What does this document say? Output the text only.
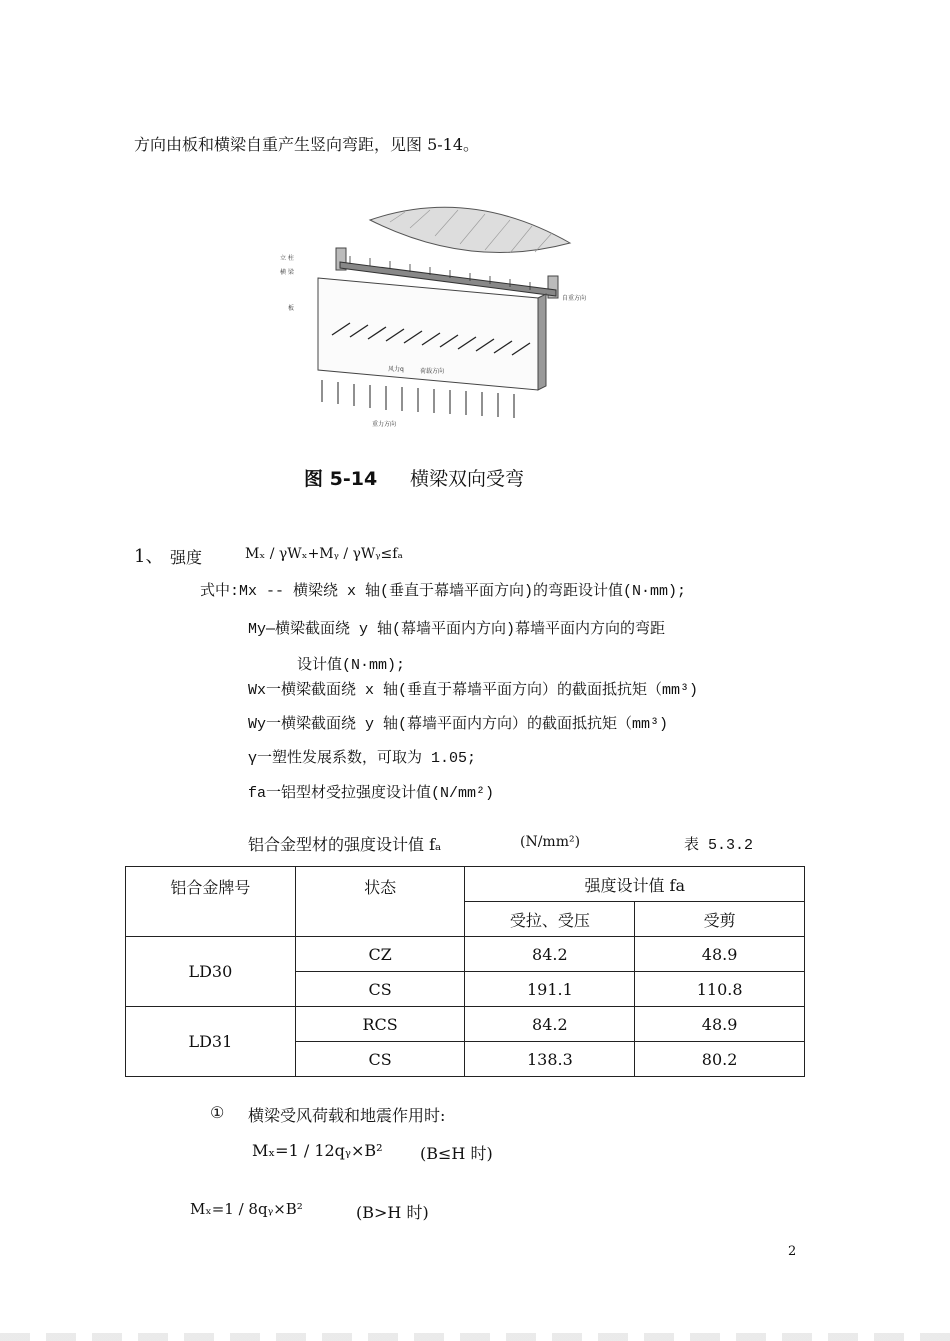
方向由板和横梁自重产生竖向弯距，见图 5-14。
立 柱
横 梁
板
风力q
自重方向
荷载方向
重力方向
图 5-14 横梁双向受弯
1、 强度	Mₓ / γWₓ+Mᵧ / γWᵧ≤fₐ
式中:Mx -- 横梁绕 x 轴(垂直于幕墙平面方向)的弯距设计值(N·mm);
My—横梁截面绕 y 轴(幕墙平面内方向)幕墙平面内方向的弯距
设计值(N·mm);
Wx一横梁截面绕 x 轴(垂直于幕墙平面方向）的截面抵抗矩（mm³)
Wy一横梁截面绕 y 轴(幕墙平面内方向）的截面抵抗矩（mm³)
γ一塑性发展系数，可取为 1.05;
fa一铝型材受拉强度设计值(N/mm²)
铝合金型材的强度设计值 fₐ	(N/mm²)	表 5.3.2
铝合金牌号	状态	强度设计值 fa	
		受拉、受压	受剪
LD30	CZ	84.2	48.9
	CS	191.1	110.8
LD31	RCS	84.2	48.9
	CS	138.3	80.2
① 横梁受风荷载和地震作用时:
Mₓ=1 / 12qᵧ×B² (B≤H 时)
Mₓ=1 / 8qᵧ×B²	(B>H 时)
2
